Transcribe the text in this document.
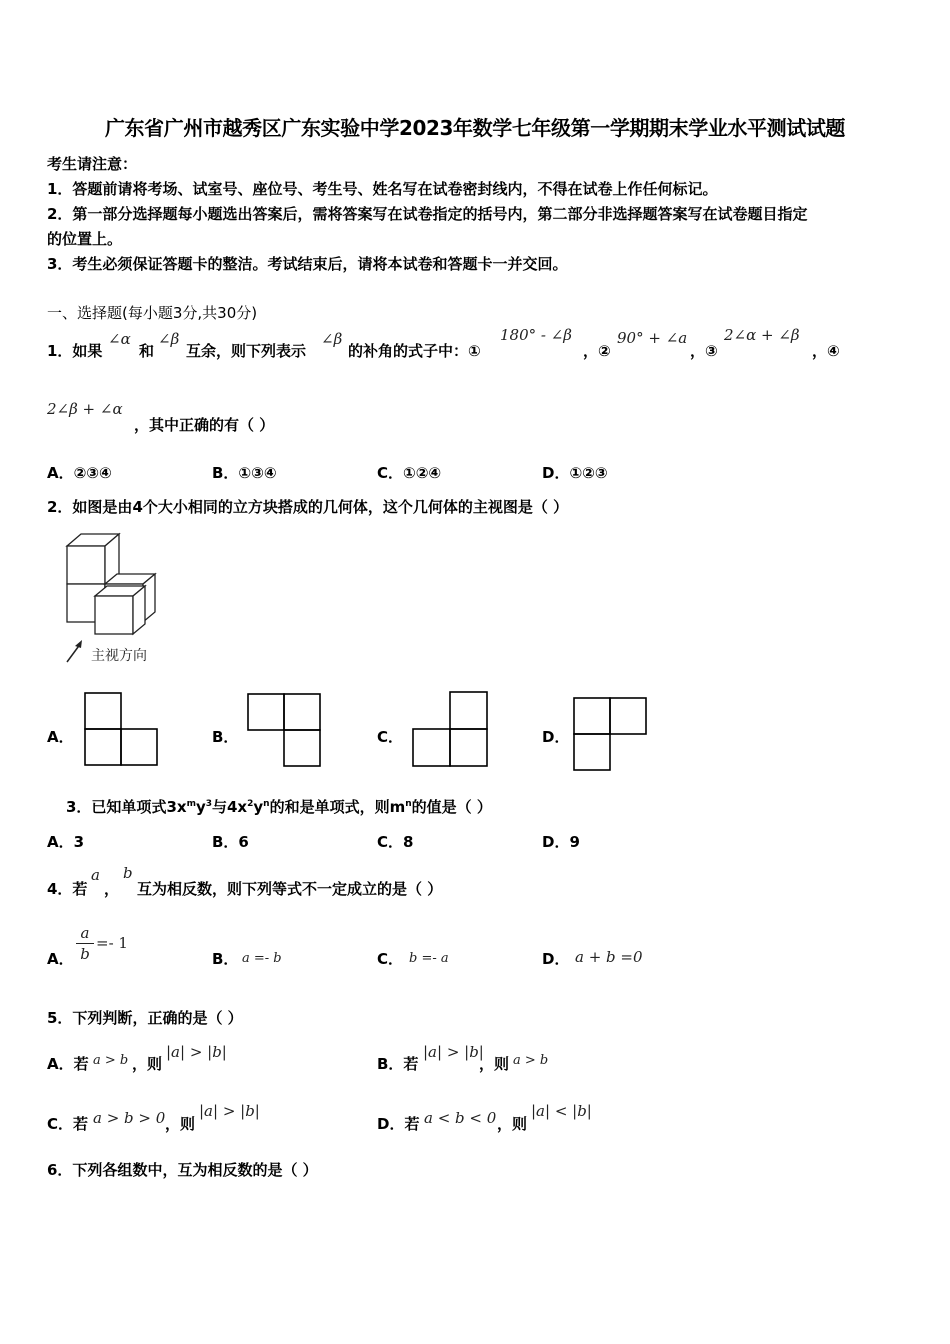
广东省广州市越秀区广东实验中学2023年数学七年级第一学期期末学业水平测试试题
考生请注意：
1．答题前请将考场、试室号、座位号、考生号、姓名写在试卷密封线内，不得在试卷上作任何标记。
2．第一部分选择题每小题选出答案后，需将答案写在试卷指定的括号内，第二部分非选择题答案写在试卷题目指定
的位置上。
3．考生必须保证答题卡的整洁。考试结束后，请将本试卷和答题卡一并交回。
一、选择题(每小题3分,共30分)
1．如果
∠α
和
∠β
互余，则下列表示
∠β
的补角的式子中：①
180° - ∠β
，②
90° + ∠a
，③
2∠α + ∠β
，④
2∠β + ∠α
，其中正确的有（ ）
A．②③④	B．①③④	C．①②④	D．①②③
2．如图是由4个大小相同的立方块搭成的几何体，这个几何体的主视图是（ ）
主视方向
A．	B．	C．	D．
3．已知单项式$3x^my^3$与$4x^2y^n$的和是单项式，则$m^n$的值是（ ）
A．3	B．6	C．8	D．9
4．若
a
，
b
互为相反数，则下列等式不一定成立的是（ ）
A．
a
b
=- 1
B． a =- b	C． b =- a	D． a + b =0
5．下列判断，正确的是（ ）
A．若 a > b ，则
|a| > |b|
B．若
|a| > |b|
，则 a > b
C．若 a > b > 0 ，则
|a| > |b|
D．若 a < b < 0 ，则
|a| < |b|
6．下列各组数中，互为相反数的是（ ）
